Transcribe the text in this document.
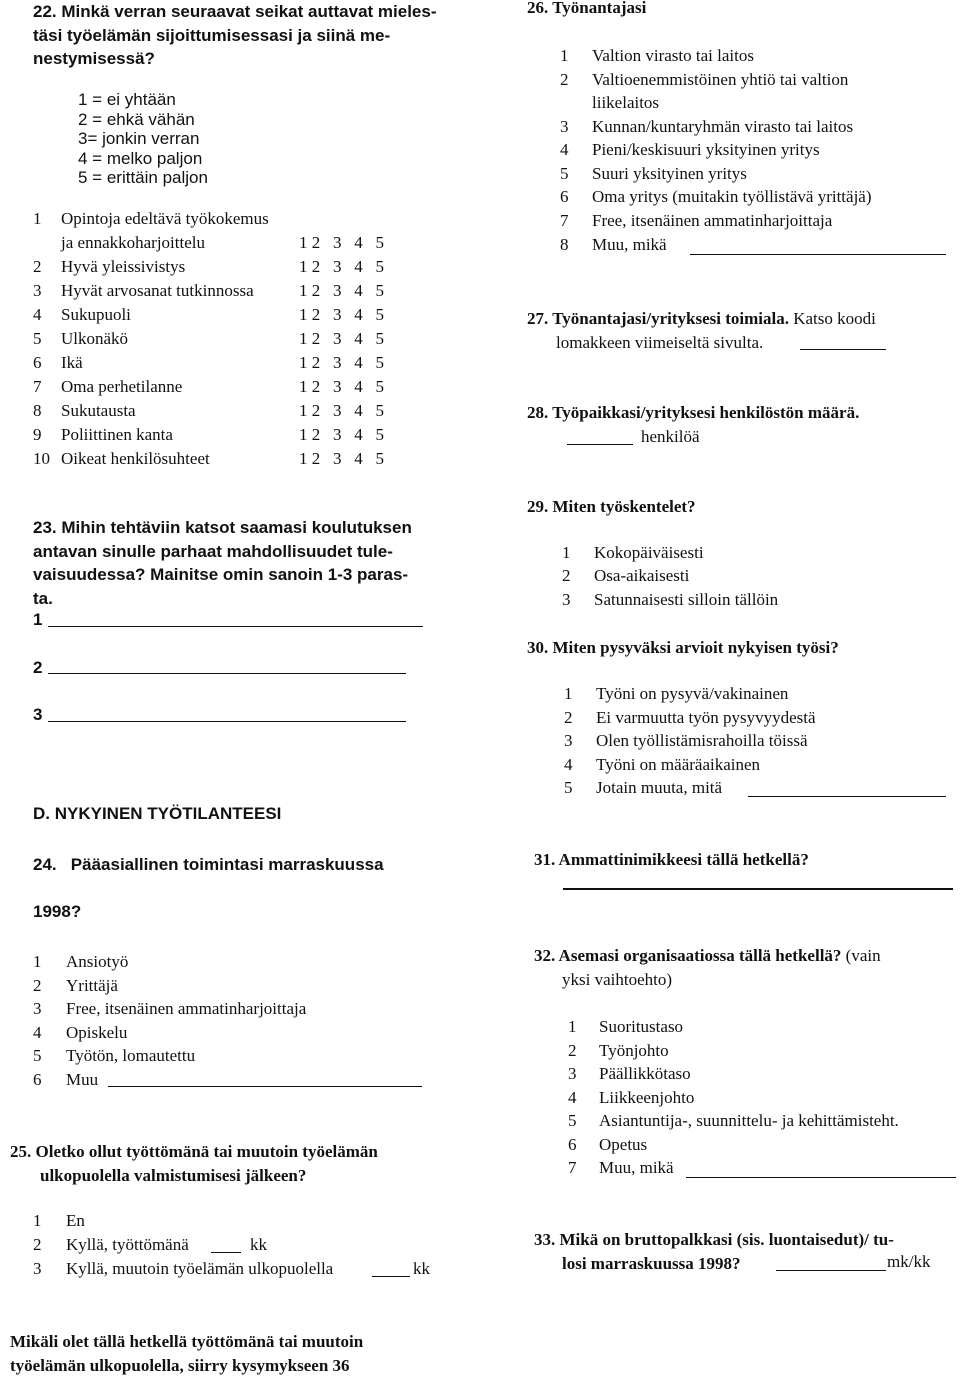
22. Minkä verran seuraavat seikat auttavat mieles-
täsi työelämän sijoittumisessasi ja siinä me-
nestymisessä?
1 = ei yhtään
2 = ehkä vähän
3= jonkin verran
4 = melko paljon
5 = erittäin paljon
1 Opintoja edeltävä työkokemus
ja ennakkoharjoittelu	1 2   3   4   5
2 Hyvä yleissivistys	1 2   3   4   5
3 Hyvät arvosanat tutkinnossa	1 2   3   4   5
4 Sukupuoli	1 2   3   4   5
5 Ulkonäkö	1 2   3   4   5
6 Ikä	1 2   3   4   5
7 Oma perhetilanne	1 2   3   4   5
8 Sukutausta	1 2   3   4   5
9 Poliittinen kanta	1 2   3   4   5
10 Oikeat henkilösuhteet	1 2   3   4   5
23. Mihin tehtäviin katsot saamasi koulutuksen
antavan sinulle parhaat mahdollisuudet tule-
vaisuudessa? Mainitse omin sanoin 1-3 paras-
ta.
1
2
3
D. NYKYINEN TYÖTILANTEESI
24.   Pääasiallinen toimintasi marraskuussa
1998?
1 Ansiotyö
2 Yrittäjä
3 Free, itsenäinen ammatinharjoittaja
4 Opiskelu
5 Työtön, lomautettu
6 Muu
25. Oletko ollut työttömänä tai muutoin työelämän
ulkopuolella valmistumisesi jälkeen?
1 En
2 Kyllä, työttömänä	kk
3 Kyllä, muutoin työelämän ulkopuolella	kk
Mikäli olet tällä hetkellä työttömänä tai muutoin
työelämän ulkopuolella, siirry kysymykseen 36
26. Työnantajasi
1 Valtion virasto tai laitos
2 Valtioenemmistöinen yhtiö tai valtion
liikelaitos
3 Kunnan/kuntaryhmän virasto tai laitos
4 Pieni/keskisuuri yksityinen yritys
5 Suuri yksityinen yritys
6 Oma yritys (muitakin työllistävä yrittäjä)
7 Free, itsenäinen ammatinharjoittaja
8 Muu, mikä
27. Työnantajasi/yrityksesi toimiala. Katso koodi
lomakkeen viimeiseltä sivulta.
28. Työpaikkasi/yrityksesi henkilöstön määrä.
henkilöä
29. Miten työskentelet?
1 Kokopäiväisesti
2 Osa-aikaisesti
3 Satunnaisesti silloin tällöin
30. Miten pysyväksi arvioit nykyisen työsi?
1 Työni on pysyvä/vakinainen
2 Ei varmuutta työn pysyvyydestä
3 Olen työllistämisrahoilla töissä
4 Työni on määräaikainen
5 Jotain muuta, mitä
31. Ammattinimikkeesi tällä hetkellä?
32. Asemasi organisaatiossa tällä hetkellä? (vain
yksi vaihtoehto)
1 Suoritustaso
2 Työnjohto
3 Päällikkötaso
4 Liikkeenjohto
5 Asiantuntija-, suunnittelu- ja kehittämisteht.
6 Opetus
7 Muu, mikä
33. Mikä on bruttopalkkasi (sis. luontaisedut)/ tu-
losi marraskuussa 1998?	mk/kk
